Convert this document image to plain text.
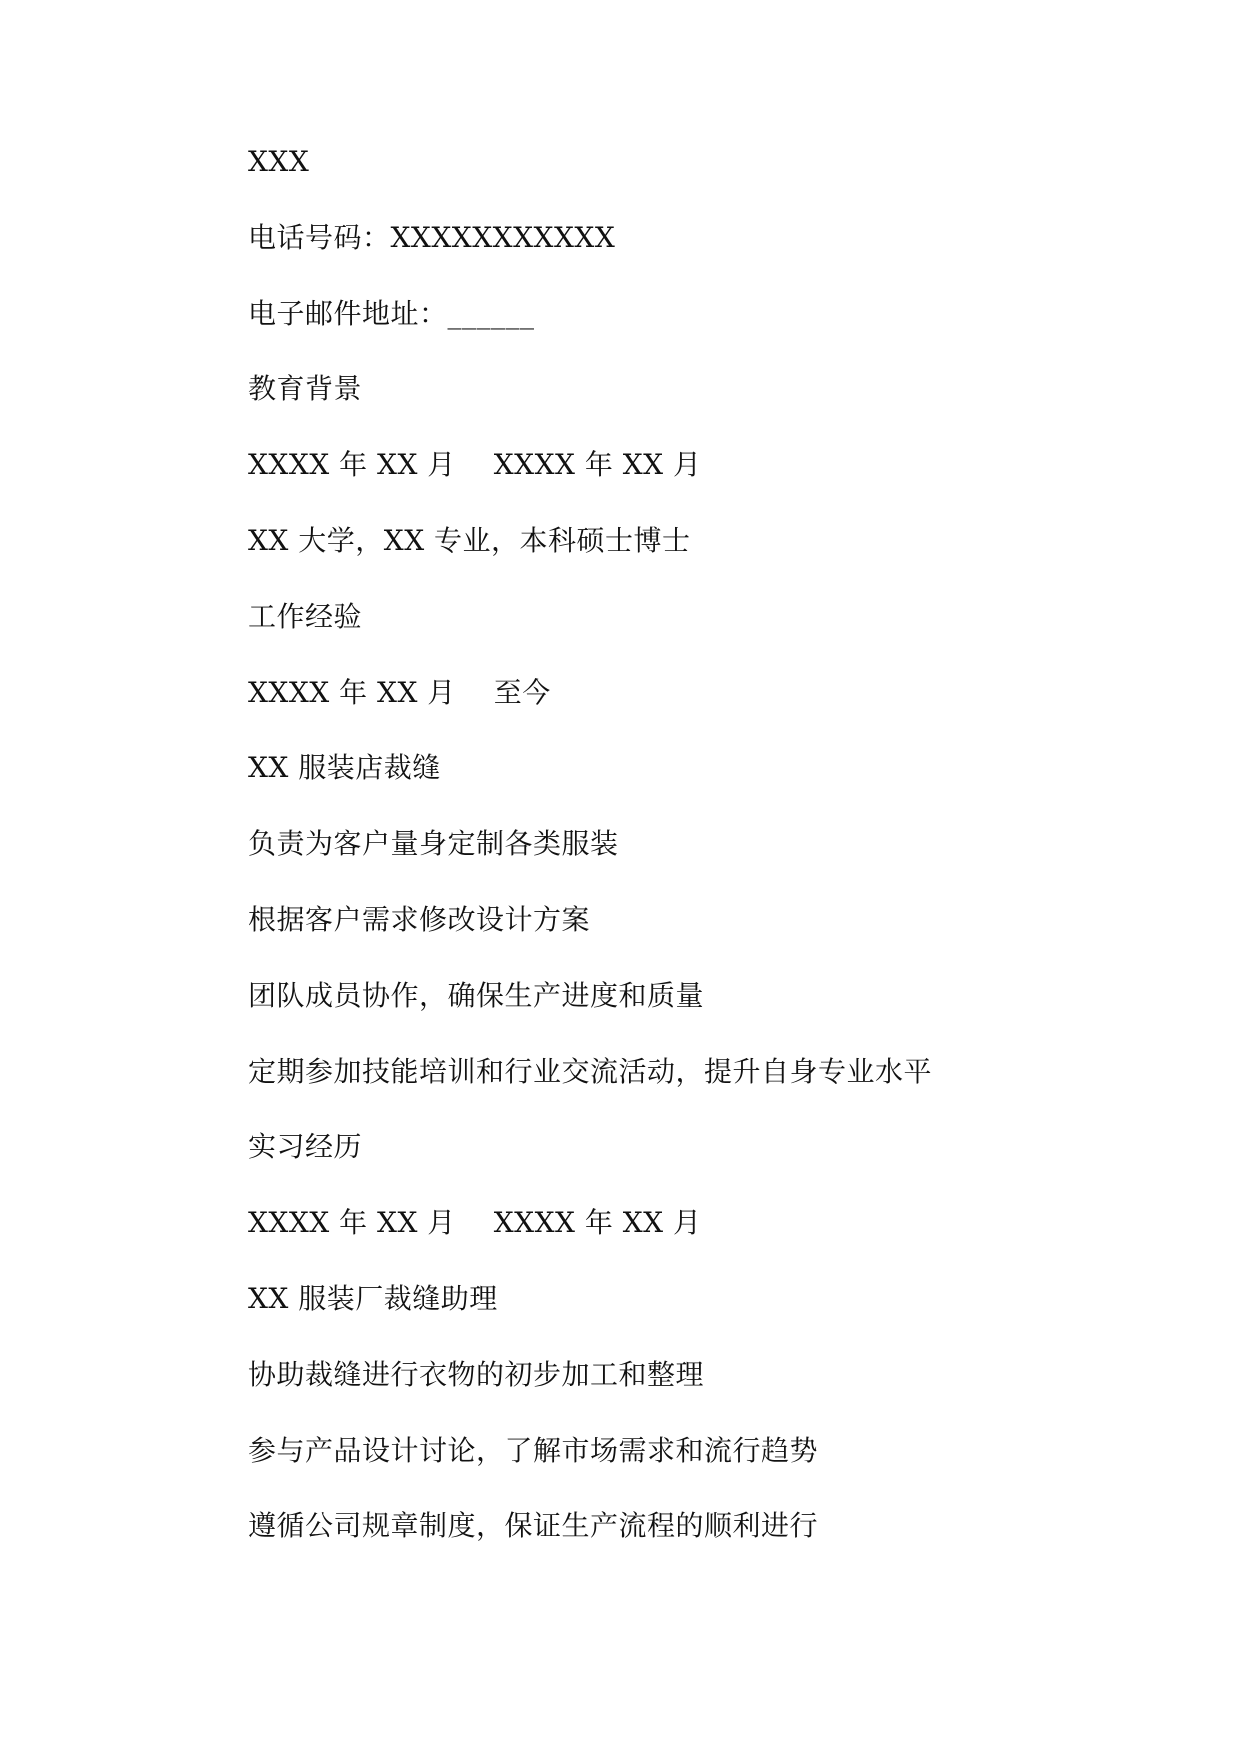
XXX
电话号码：XXXXXXXXXXX
电子邮件地址：______
教育背景
XXXX 年 XX 月　 XXXX 年 XX 月
XX 大学，XX 专业，本科硕士博士
工作经验
XXXX 年 XX 月　 至今
XX 服装店裁缝
负责为客户量身定制各类服装
根据客户需求修改设计方案
团队成员协作，确保生产进度和质量
定期参加技能培训和行业交流活动，提升自身专业水平
实习经历
XXXX 年 XX 月　 XXXX 年 XX 月
XX 服装厂裁缝助理
协助裁缝进行衣物的初步加工和整理
参与产品设计讨论，了解市场需求和流行趋势
遵循公司规章制度，保证生产流程的顺利进行
